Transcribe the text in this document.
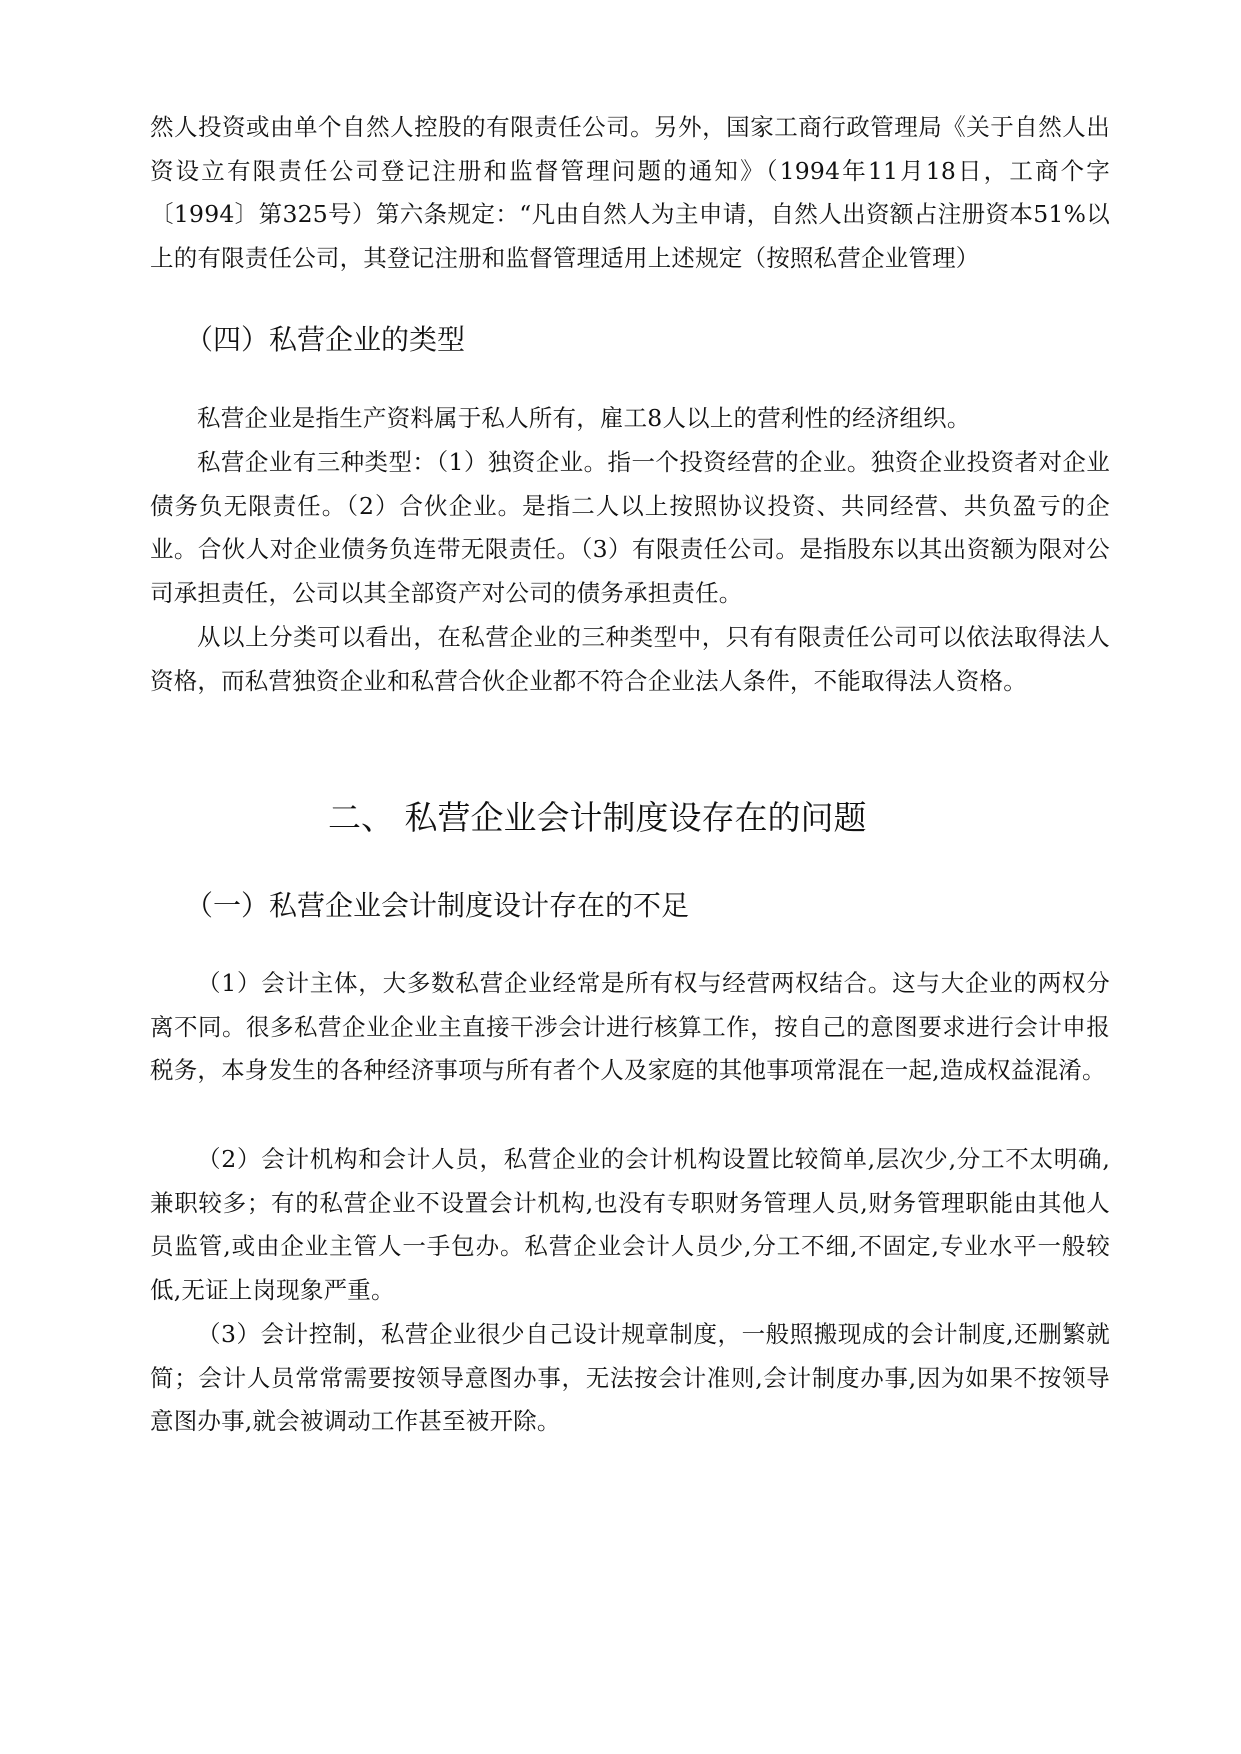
然人投资或由单个自然人控股的有限责任公司。另外，国家工商行政管理局《关于自然人出资设立有限责任公司登记注册和监督管理问题的通知》（1994年11月18日，工商个字〔1994〕第325号）第六条规定：“凡由自然人为主申请，自然人出资额占注册资本51%以上的有限责任公司，其登记注册和监督管理适用上述规定（按照私营企业管理）

（四）私营企业的类型

私营企业是指生产资料属于私人所有，雇工8人以上的营利性的经济组织。

私营企业有三种类型：（1）独资企业。指一个投资经营的企业。独资企业投资者对企业债务负无限责任。（2）合伙企业。是指二人以上按照协议投资、共同经营、共负盈亏的企业。合伙人对企业债务负连带无限责任。（3）有限责任公司。是指股东以其出资额为限对公司承担责任，公司以其全部资产对公司的债务承担责任。

从以上分类可以看出，在私营企业的三种类型中，只有有限责任公司可以依法取得法人资格，而私营独资企业和私营合伙企业都不符合企业法人条件，不能取得法人资格。

二、 私营企业会计制度设存在的问题
（一）私营企业会计制度设计存在的不足

（1）会计主体，大多数私营企业经常是所有权与经营两权结合。这与大企业的两权分离不同。很多私营企业企业主直接干涉会计进行核算工作，按自己的意图要求进行会计申报税务，本身发生的各种经济事项与所有者个人及家庭的其他事项常混在一起,造成权益混淆。

（2）会计机构和会计人员，私营企业的会计机构设置比较简单,层次少,分工不太明确,兼职较多；有的私营企业不设置会计机构,也没有专职财务管理人员,财务管理职能由其他人员监管,或由企业主管人一手包办。私营企业会计人员少,分工不细,不固定,专业水平一般较低,无证上岗现象严重。

（3）会计控制，私营企业很少自己设计规章制度，一般照搬现成的会计制度,还删繁就简；会计人员常常需要按领导意图办事，无法按会计准则,会计制度办事,因为如果不按领导意图办事,就会被调动工作甚至被开除。
